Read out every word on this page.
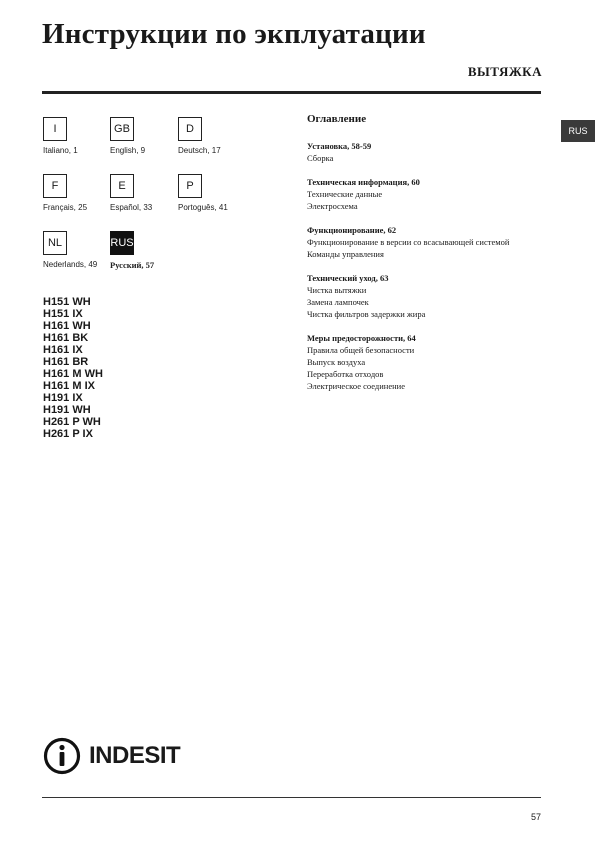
Инструкции по экплуатации
ВЫТЯЖКА
RUS
I
Italiano, 1
GB
English, 9
D
Deutsch, 17
F
Français, 25
E
Español, 33
P
Portoguês, 41
NL
Nederlands, 49
RUS
Русский, 57
H151 WH
H151 IX
H161 WH
H161 BK
H161 IX
H161 BR
H161 M WH
H161 M IX
H191 IX
H191 WH
H261 P WH
H261 P IX
Оглавление
Установка, 58-59
Сборка
Техническая информация, 60
Технические данные
Электросхема
Функционирование, 62
Функционирование в версии со всасывающей системой
Команды управления
Технический уход, 63
Чистка вытяжки
Замена лампочек
Чистка фильтров задержки жира
Меры предосторожности, 64
Правила общей безопасности
Выпуск воздуха
Переработка отходов
Электрическое соединение
INDESIT
57
